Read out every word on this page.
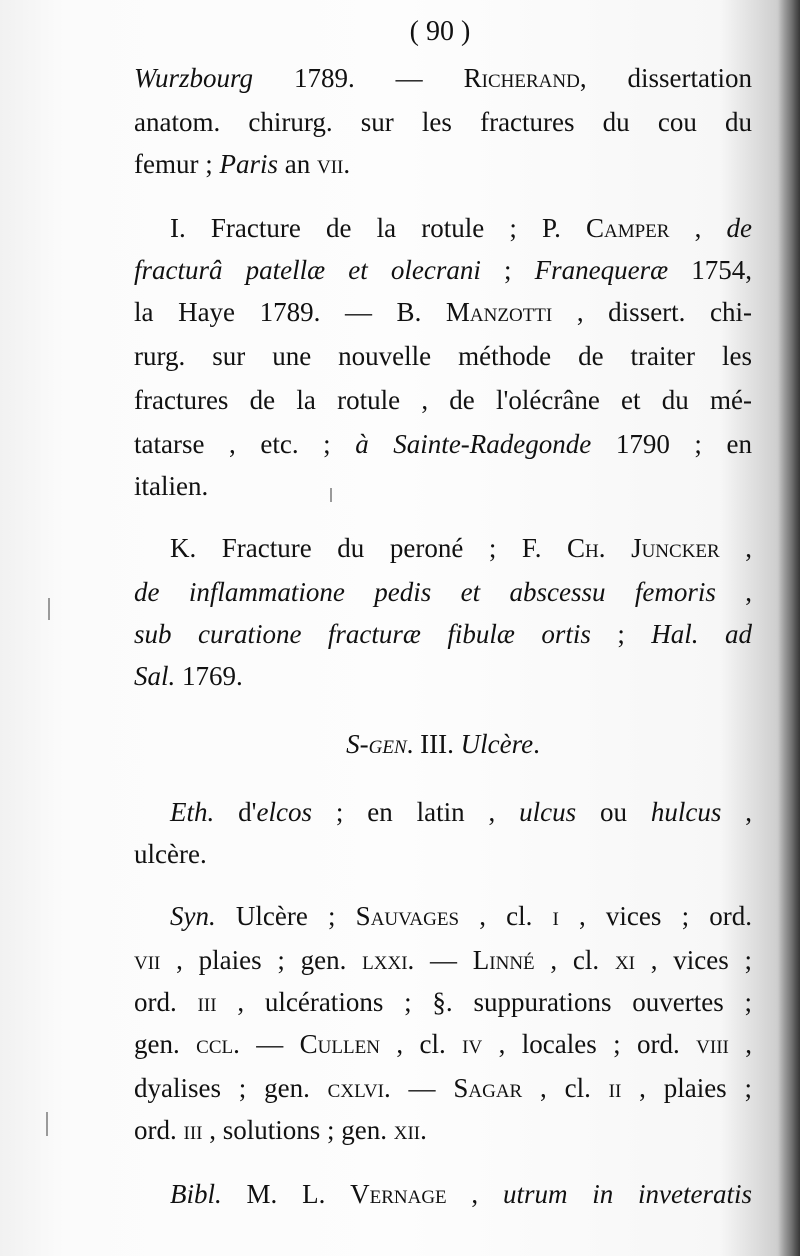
( 90 )
Wurzbourg 1789. — Richerand, dissertation
anatom. chirurg. sur les fractures du cou du
femur ; Paris an vii.
I. Fracture de la rotule ; P. Camper , de
fracturâ patellæ et olecrani ; Franequeræ 1754,
la Haye 1789. — B. Manzotti , dissert. chi-
rurg. sur une nouvelle méthode de traiter les
fractures de la rotule , de l'olécrâne et du mé-
tatarse , etc. ; à Sainte-Radegonde 1790 ; en
italien.
K. Fracture du peroné ; F. Ch. Juncker ,
de inflammatione pedis et abscessu femoris ,
sub curatione fracturæ fibulæ ortis ; Hal. ad
Sal. 1769.
S-gen. III. Ulcère.
Eth. d'elcos ; en latin , ulcus ou hulcus ,
ulcère.
Syn. Ulcère ; Sauvages , cl. i , vices ; ord.
vii , plaies ; gen. lxxi. — Linné , cl. xi , vices ;
ord. iii , ulcérations ; §. suppurations ouvertes ;
gen. ccl. — Cullen , cl. iv , locales ; ord. viii ,
dyalises ; gen. cxlvi. — Sagar , cl. ii , plaies ;
ord. iii , solutions ; gen. xii.
Bibl. M. L. Vernage , utrum in inveteratis
